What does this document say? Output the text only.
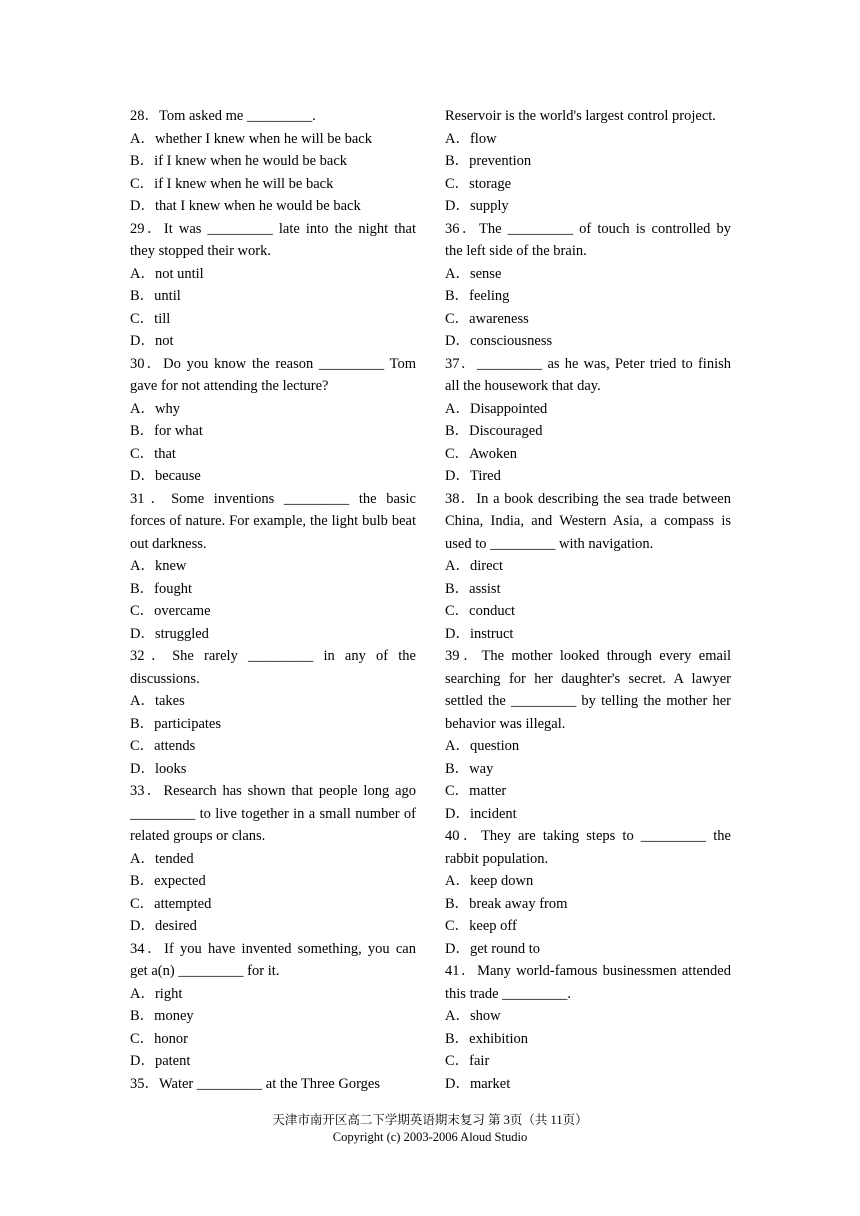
28．Tom asked me _________.
A．whether I knew when he will be back
B．if I knew when he would be back
C．if I knew when he will be back
D．that I knew when he would be back
29．It was _________ late into the night that they stopped their work.
A．not until
B．until
C．till
D．not
30．Do you know the reason _________ Tom gave for not attending the lecture?
A．why
B．for what
C．that
D．because
31．Some inventions _________ the basic forces of nature. For example, the light bulb beat out darkness.
A．knew
B．fought
C．overcame
D．struggled
32．She rarely _________ in any of the discussions.
A．takes
B．participates
C．attends
D．looks
33．Research has shown that people long ago _________ to live together in a small number of related groups or clans.
A．tended
B．expected
C．attempted
D．desired
34．If you have invented something, you can get a(n) _________ for it.
A．right
B．money
C．honor
D．patent
35．Water _________ at the Three Gorges
Reservoir is the world's largest control project.
A．flow
B．prevention
C．storage
D．supply
36．The _________ of touch is controlled by the left side of the brain.
A．sense
B．feeling
C．awareness
D．consciousness
37．_________ as he was, Peter tried to finish all the housework that day.
A．Disappointed
B．Discouraged
C．Awoken
D．Tired
38．In a book describing the sea trade between China, India, and Western Asia, a compass is used to _________ with navigation.
A．direct
B．assist
C．conduct
D．instruct
39．The mother looked through every email searching for her daughter's secret. A lawyer settled the _________ by telling the mother her behavior was illegal.
A．question
B．way
C．matter
D．incident
40．They are taking steps to _________ the rabbit population.
A．keep down
B．break away from
C．keep off
D．get round to
41．Many world-famous businessmen attended this trade _________.
A．show
B．exhibition
C．fair
D．market
天津市南开区高二下学期英语期末复习 第 3页（共 11页）
Copyright (c) 2003-2006 Aloud Studio
